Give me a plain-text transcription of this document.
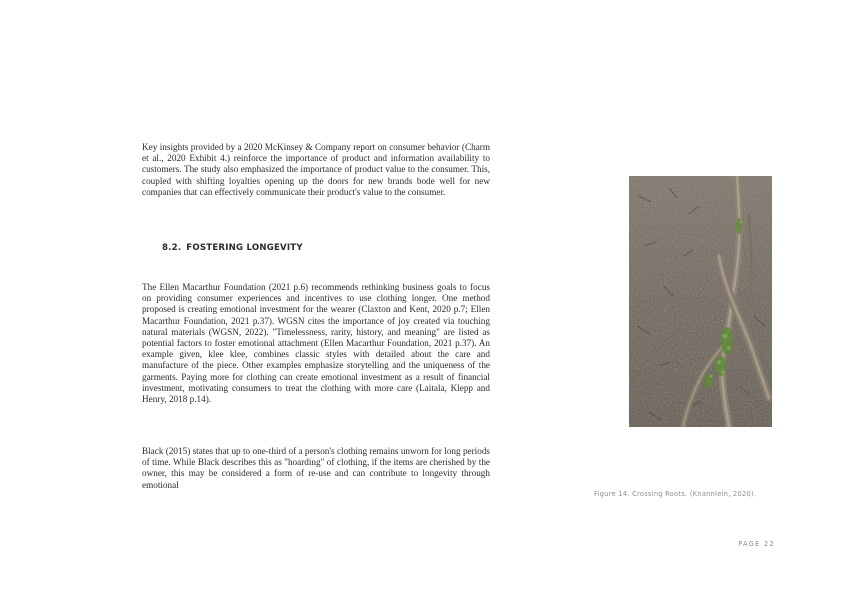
Key insights provided by a 2020 McKinsey & Company report on consumer behavior (Charm et al., 2020 Exhibit 4.) reinforce the importance of product and information availability to customers. The study also emphasized the importance of product value to the consumer. This, coupled with shifting loyalties opening up the doors for new brands bode well for new companies that can effectively communicate their product's value to the consumer.

8.2. FOSTERING LONGEVITY

The Ellen Macarthur Foundation (2021 p.6) recommends rethinking business goals to focus on providing consumer experiences and incentives to use clothing longer. One method proposed is creating emotional investment for the wearer (Claxton and Kent, 2020 p.7; Ellen Macarthur Foundation, 2021 p.37). WGSN cites the importance of joy created via touching natural materials (WGSN, 2022). "Timelessness, rarity, history, and meaning" are listed as potential factors to foster emotional attachment (Ellen Macarthur Foundation, 2021 p.37). An example given, klee klee, combines classic styles with detailed about the care and manufacture of the piece. Other examples emphasize storytelling and the uniqueness of the garments. Paying more for clothing can create emotional investment as a result of financial investment, motivating consumers to treat the clothing with more care (Laitala, Klepp and Henry, 2018 p.14).

Black (2015) states that up to one-third of a person's clothing remains unworn for long periods of time. While Black describes this as "hoarding" of clothing, if the items are cherished by the owner, this may be considered a form of re-use and can contribute to longevity through emotional

Figure 14. Crossing Roots. (Knannlein, 2020).

PAGE 22
